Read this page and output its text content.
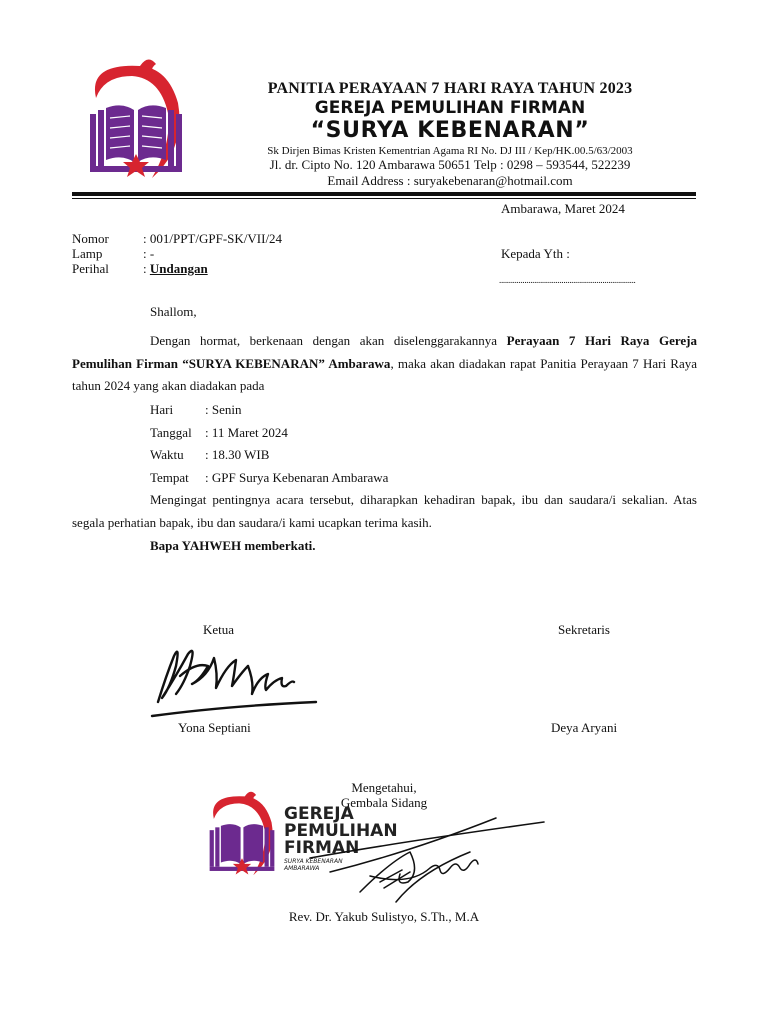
PANITIA PERAYAAN 7 HARI RAYA TAHUN 2023
GEREJA PEMULIHAN FIRMAN
“SURYA KEBENARAN”
Sk Dirjen Bimas Kristen Kementrian Agama RI No. DJ III / Kep/HK.00.5/63/2003
Jl. dr. Cipto No. 120 Ambarawa 50651 Telp : 0298 – 593544, 522239
Email Address : suryakebenaran@hotmail.com
Ambarawa, Maret 2024
Nomor	: 001/PPT/GPF-SK/VII/24
Lamp	: -
Perihal	: Undangan
Kepada Yth :
......................................................................
Shallom,
Dengan hormat, berkenaan dengan akan diselenggarakannya Perayaan 7 Hari Raya Gereja Pemulihan Firman “SURYA KEBENARAN” Ambarawa, maka akan diadakan rapat Panitia Perayaan 7 Hari Raya tahun 2024 yang akan diadakan pada
Hari : Senin
Tanggal : 11 Maret 2024
Waktu : 18.30 WIB
Tempat : GPF Surya Kebenaran Ambarawa
Mengingat pentingnya acara tersebut, diharapkan kehadiran bapak, ibu dan saudara/i sekalian. Atas segala perhatian bapak, ibu dan saudara/i kami ucapkan terima kasih.
Bapa YAHWEH memberkati.
Ketua	Sekretaris
Yona Septiani	Deya Aryani
Mengetahui,
Gembala Sidang
GEREJA
PEMULIHAN
FIRMAN
SURYA KEBENARAN
AMBARAWA
Rev. Dr. Yakub Sulistyo, S.Th., M.A
